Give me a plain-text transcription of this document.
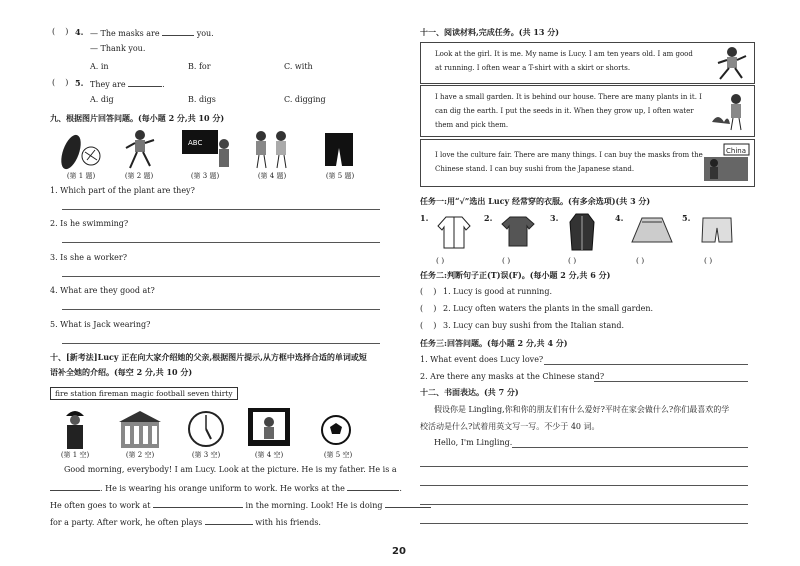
(    ) 4. — The masks are	you.
— Thank you.
A. in	B. for	C. with
(    ) 5. They are	.
A. dig	B. digs	C. digging
九、根据图片回答问题。(每小题 2 分,共 10 分)
ABC
(第 1 题)	(第 2 题)	(第 3 题)	(第 4 题)	(第 5 题)
1. Which part of the plant are they?
2. Is he swimming?
3. Is she a worker?
4. What are they good at?
5. What is Jack wearing?
十、[新考法]Lucy 正在向大家介绍她的父亲,根据图片提示,从方框中选择合适的单词或短
语补全她的介绍。(每空 2 分,共 10 分)
fire station fireman magic football seven thirty
(第 1 空)	(第 2 空)	(第 3 空)	(第 4 空)	(第 5 空)
Good morning, everybody! I am Lucy. Look at the picture. He is my father. He is a
. He is wearing his orange uniform to work. He works at the	.
He often goes to work at	in the morning. Look! He is doing
for a party. After work, he often plays	with his friends.
十一、阅读材料,完成任务。(共 13 分)
Look at the girl. It is me. My name is Lucy. I am ten years old. I am good at running. I often wear a T-shirt with a skirt or shorts.
I have a small garden. It is behind our house. There are many plants in it. I can dig the earth. I put the seeds in it. When they grow up, I often water them and pick them.
I love the culture fair. There are many things. I can buy the masks from the Chinese stand. I can buy sushi from the Japanese stand.
China
任务一:用“√”选出 Lucy 经常穿的衣服。(有多余选项)(共 3 分)
1.	2.	3.	4.	5.
( )	( )	( )	( )	( )
任务二:判断句子正(T)误(F)。(每小题 2 分,共 6 分)
(    ) 1. Lucy is good at running.
(    ) 2. Lucy often waters the plants in the small garden.
(    ) 3. Lucy can buy sushi from the Italian stand.
任务三:回答问题。(每小题 2 分,共 4 分)
1. What event does Lucy love?
2. Are there any masks at the Chinese stand?
十二、书面表达。(共 7 分)
假设你是 Lingling,你和你的朋友们有什么爱好?平时在家会做什么?你们最喜欢的学
校活动是什么?试着用英文写一写。不少于 40 词。
Hello, I'm Lingling.
20
